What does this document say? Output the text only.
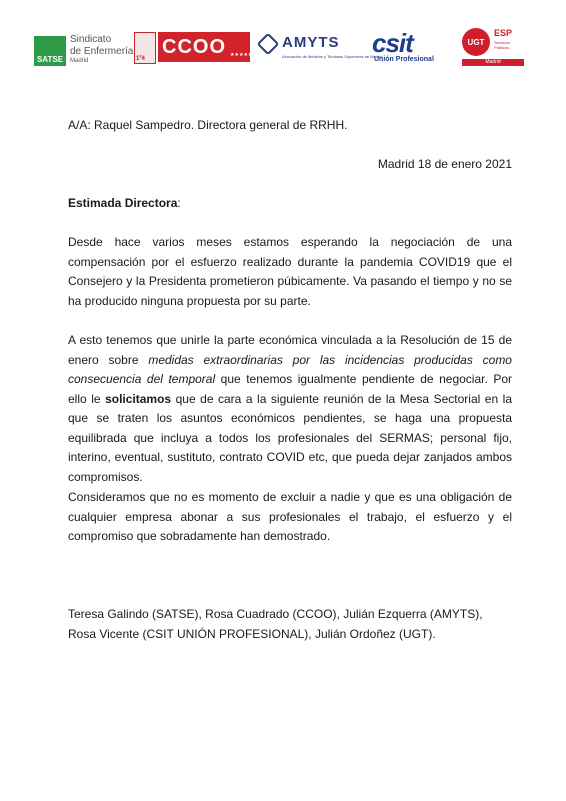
SATSE
Sindicato
de Enfermería
Madrid	1º4
CCOO ★★★★★
AMYTS
Asociación de Médicos y Titulados Superiores de Madrid
csit
Unión Profesional
UGT
ESP
Servicios Públicos
Madrid

A/A: Raquel Sampedro. Directora general de RRHH.

Madrid 18 de enero 2021

Estimada Directora:

Desde hace varios meses estamos esperando la negociación de una compensación por el esfuerzo realizado durante la pandemia COVID19 que el Consejero y la Presidenta prometieron púbicamente. Va pasando el tiempo y no se ha producido ninguna propuesta por su parte.

A esto tenemos que unirle la parte económica vinculada a la Resolución de 15 de enero sobre medidas extraordinarias por las incidencias producidas como consecuencia del temporal que tenemos igualmente pendiente de negociar. Por ello le solicitamos que de cara a la siguiente reunión de la Mesa Sectorial en la que se traten los asuntos económicos pendientes, se haga una propuesta equilibrada que incluya a todos los profesionales del SERMAS; personal fijo, interino, eventual, sustituto, contrato COVID etc, que pueda dejar zanjados ambos compromisos.

Consideramos que no es momento de excluir a nadie y que es una obligación de cualquier empresa abonar a sus profesionales el trabajo, el esfuerzo y el compromiso que sobradamente han demostrado.

Teresa Galindo (SATSE), Rosa Cuadrado (CCOO), Julián Ezquerra (AMYTS), Rosa Vicente (CSIT UNIÓN PROFESIONAL), Julián Ordoñez (UGT).
